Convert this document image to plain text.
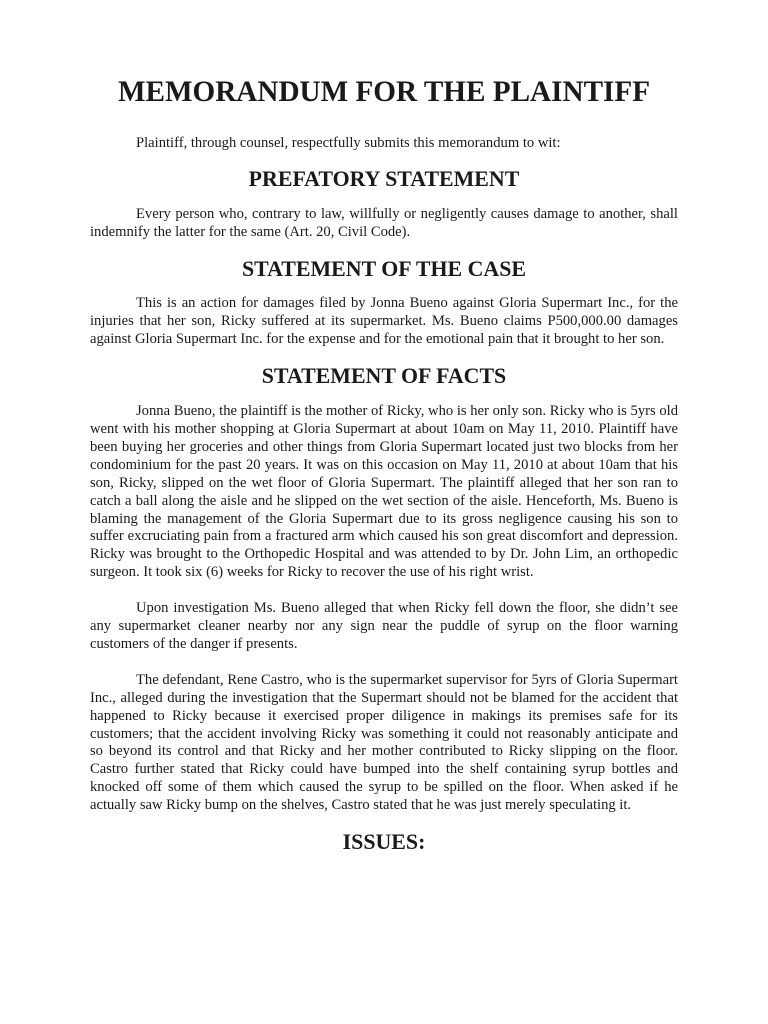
MEMORANDUM FOR THE PLAINTIFF

Plaintiff, through counsel, respectfully submits this memorandum to wit:

PREFATORY STATEMENT

Every person who, contrary to law, willfully or negligently causes damage to another, shall indemnify the latter for the same (Art. 20, Civil Code).

STATEMENT OF THE CASE

This is an action for damages filed by Jonna Bueno against Gloria Supermart Inc., for the injuries that her son, Ricky suffered at its supermarket. Ms. Bueno claims P500,000.00 damages against Gloria Supermart Inc. for the expense and for the emotional pain that it brought to her son.

STATEMENT OF FACTS

Jonna Bueno, the plaintiff is the mother of Ricky, who is her only son. Ricky who is 5yrs old went with his mother shopping at Gloria Supermart at about 10am on May 11, 2010. Plaintiff have been buying her groceries and other things from Gloria Supermart located just two blocks from her condominium for the past 20 years. It was on this occasion on May 11, 2010 at about 10am that his son, Ricky, slipped on the wet floor of Gloria Supermart. The plaintiff alleged that her son ran to catch a ball along the aisle and he slipped on the wet section of the aisle. Henceforth, Ms. Bueno is blaming the management of the Gloria Supermart due to its gross negligence causing his son to suffer excruciating pain from a fractured arm which caused his son great discomfort and depression. Ricky was brought to the Orthopedic Hospital and was attended to by Dr. John Lim, an orthopedic surgeon. It took six (6) weeks for Ricky to recover the use of his right wrist.

Upon investigation Ms. Bueno alleged that when Ricky fell down the floor, she didn’t see any supermarket cleaner nearby nor any sign near the puddle of syrup on the floor warning customers of the danger if presents.

The defendant, Rene Castro, who is the supermarket supervisor for 5yrs of Gloria Supermart Inc., alleged during the investigation that the Supermart should not be blamed for the accident that happened to Ricky because it exercised proper diligence in makings its premises safe for its customers; that the accident involving Ricky was something it could not reasonably anticipate and so beyond its control and that Ricky and her mother contributed to Ricky slipping on the floor. Castro further stated that Ricky could have bumped into the shelf containing syrup bottles and knocked off some of them which caused the syrup to be spilled on the floor. When asked if he actually saw Ricky bump on the shelves, Castro stated that he was just merely speculating it.

ISSUES:
